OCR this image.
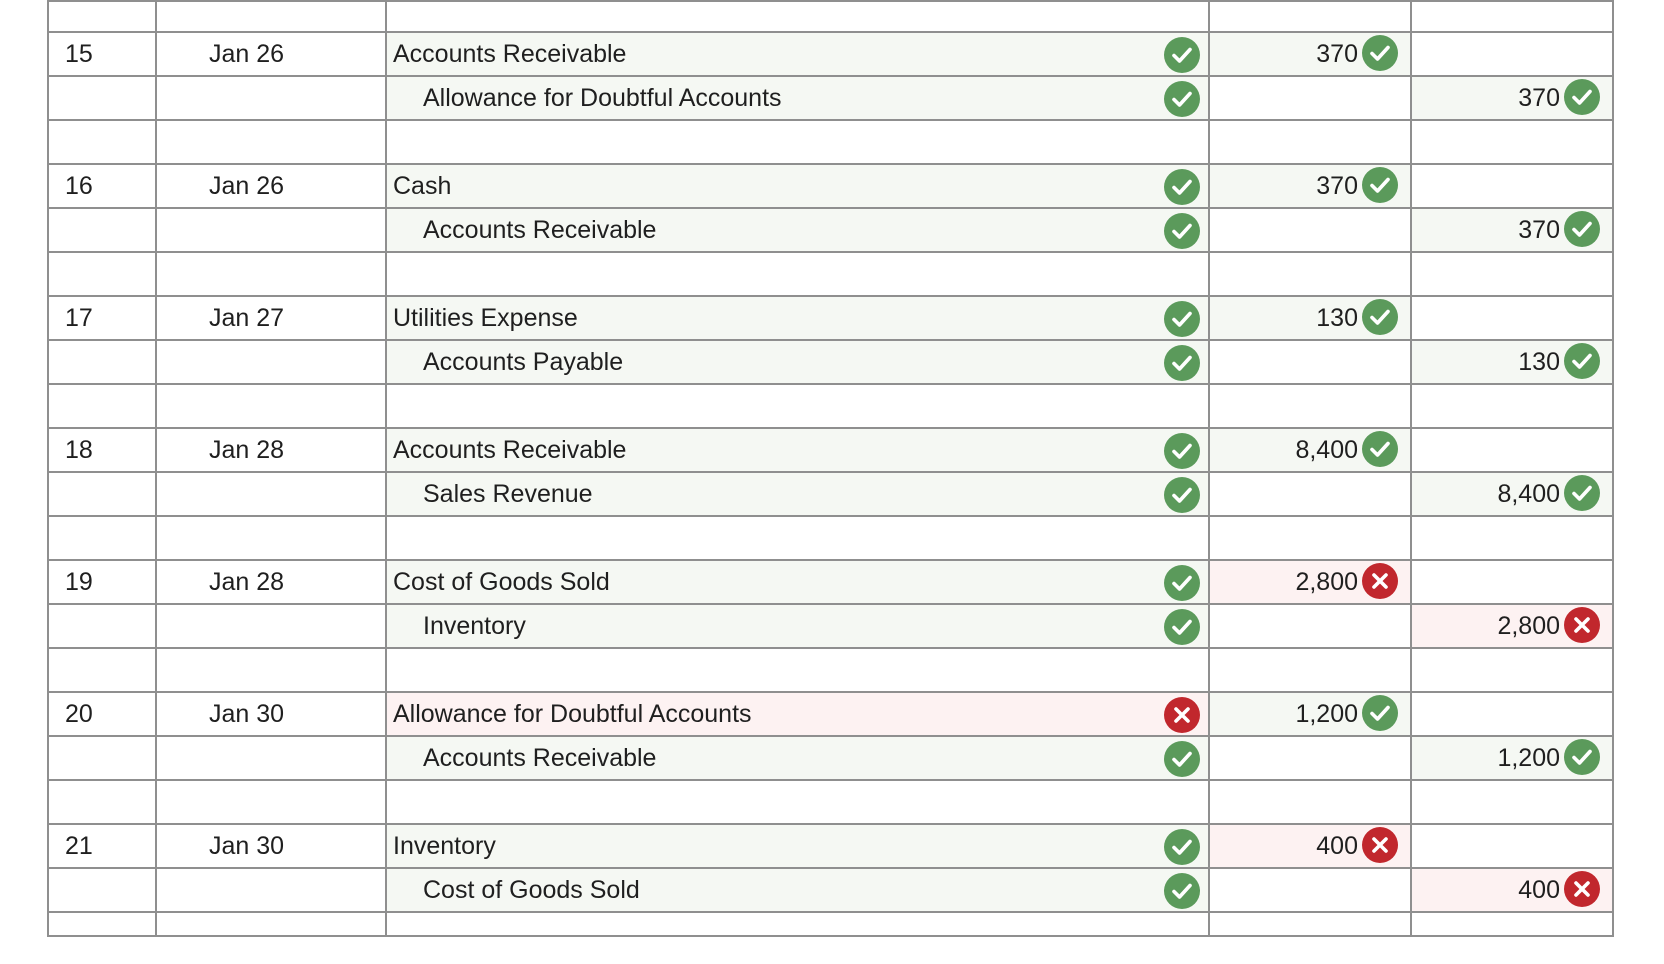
15	Jan 26	Accounts Receivable	370

		Allowance for Doubtful Accounts		370

16	Jan 26	Cash	370

		Accounts Receivable		370

17	Jan 27	Utilities Expense	130

		Accounts Payable		130

18	Jan 28	Accounts Receivable	8,400

		Sales Revenue		8,400

19	Jan 28	Cost of Goods Sold	2,800

		Inventory		2,800

20	Jan 30	Allowance for Doubtful Accounts	1,200

		Accounts Receivable		1,200

21	Jan 30	Inventory	400

		Cost of Goods Sold		400
